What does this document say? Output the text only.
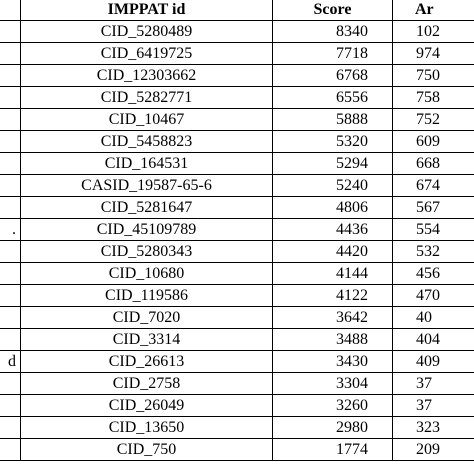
	IMPPAT id	Score	Ar
	CID_5280489	8340	102
	CID_6419725	7718	974
	CID_12303662	6768	750
	CID_5282771	6556	758
	CID_10467	5888	752
	CID_5458823	5320	609
	CID_164531	5294	668
	CASID_19587-65-6	5240	674
	CID_5281647	4806	567
.	CID_45109789	4436	554
	CID_5280343	4420	532
	CID_10680	4144	456
	CID_119586	4122	470
	CID_7020	3642	40
	CID_3314	3488	404
d	CID_26613	3430	409
	CID_2758	3304	37
	CID_26049	3260	37
	CID_13650	2980	323
	CID_750	1774	209
